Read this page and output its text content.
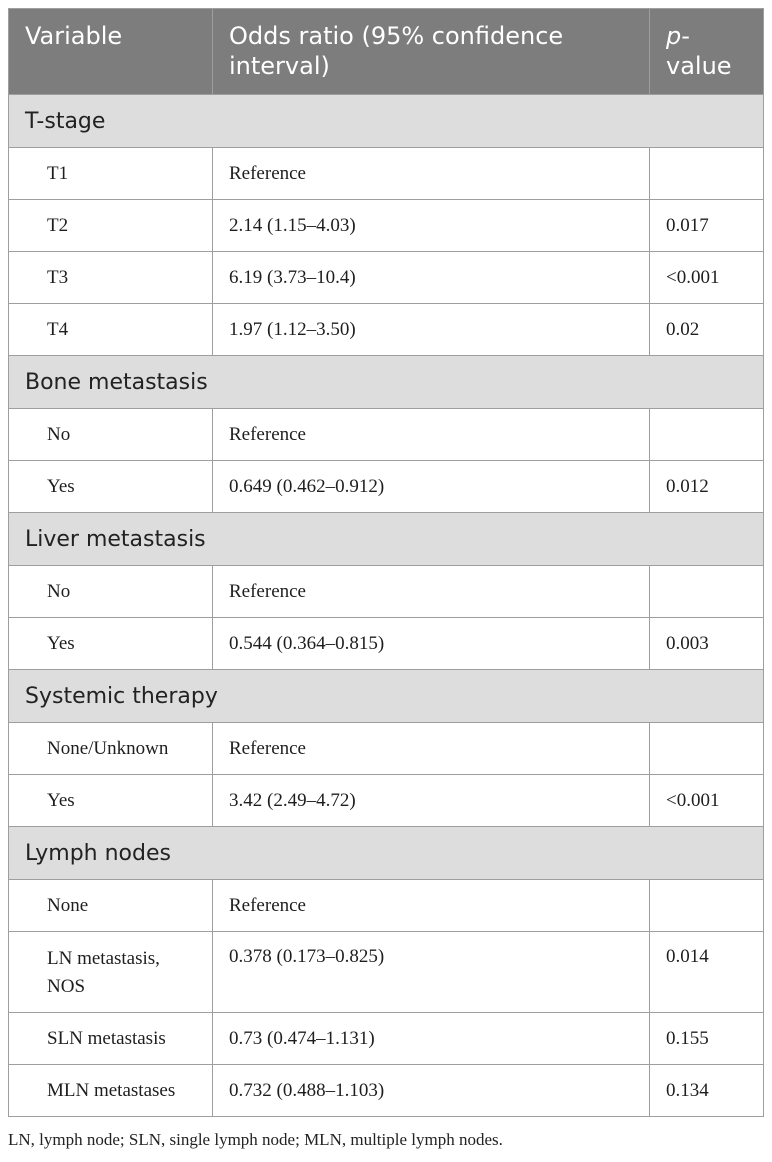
Variable	Odds ratio (95% confidence interval)	p-value
T-stage		
T1	Reference	
T2	2.14 (1.15–4.03)	0.017
T3	6.19 (3.73–10.4)	<0.001
T4	1.97 (1.12–3.50)	0.02
Bone metastasis		
No	Reference	
Yes	0.649 (0.462–0.912)	0.012
Liver metastasis		
No	Reference	
Yes	0.544 (0.364–0.815)	0.003
Systemic therapy		
None/Unknown	Reference	
Yes	3.42 (2.49–4.72)	<0.001
Lymph nodes		
None	Reference	
LN metastasis, NOS	0.378 (0.173–0.825)	0.014
SLN metastasis	0.73 (0.474–1.131)	0.155
MLN metastases	0.732 (0.488–1.103)	0.134
LN, lymph node; SLN, single lymph node; MLN, multiple lymph nodes.
